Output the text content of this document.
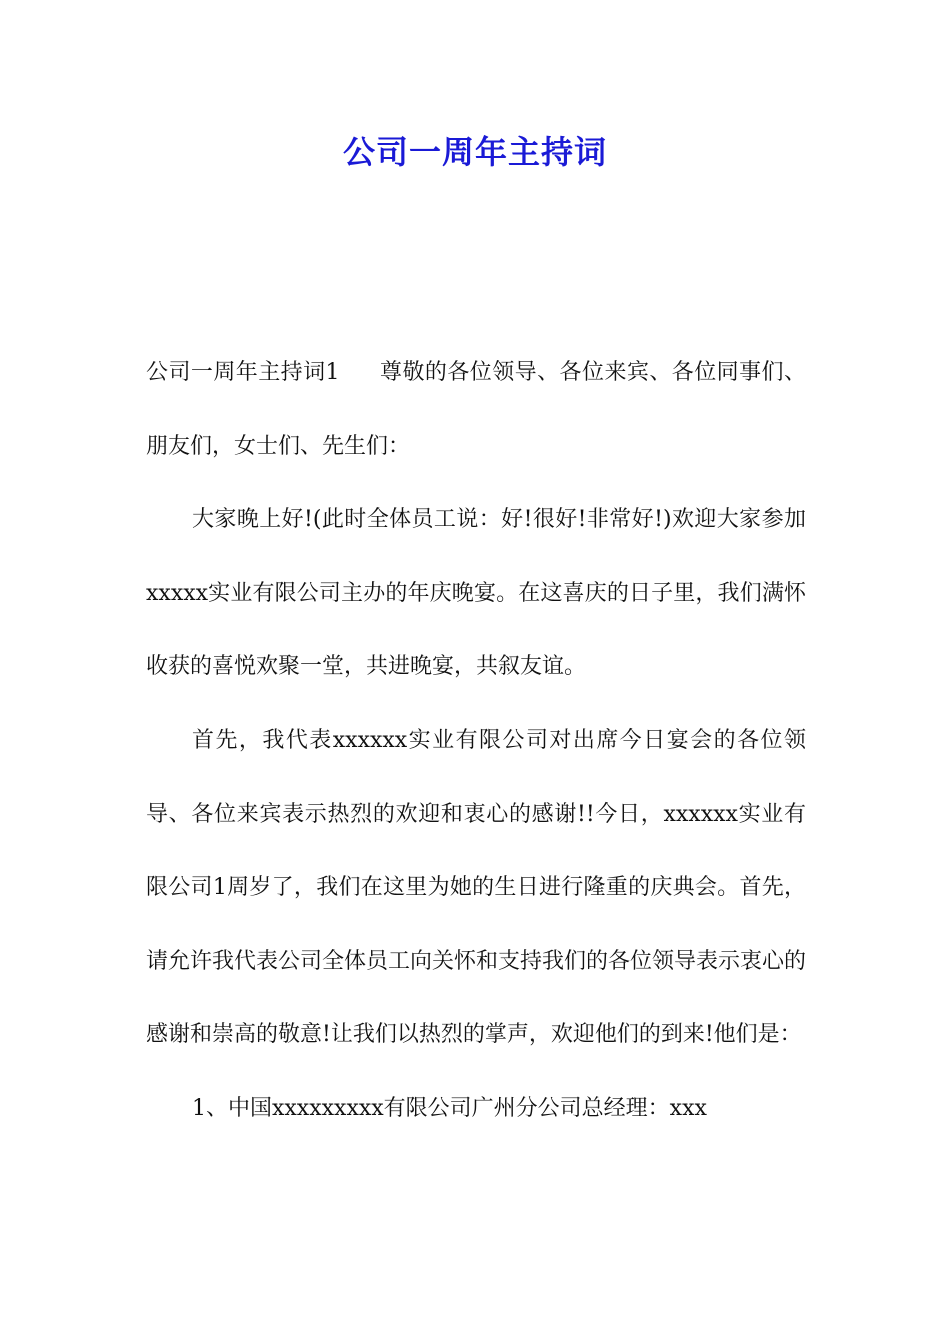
公司一周年主持词

公司一周年主持词1 尊敬的各位领导、各位来宾、各位同事们、朋友们，女士们、先生们：

大家晚上好!(此时全体员工说：好!很好!非常好!)欢迎大家参加xxxxx实业有限公司主办的年庆晚宴。在这喜庆的日子里，我们满怀收获的喜悦欢聚一堂，共进晚宴，共叙友谊。

首先，我代表xxxxxx实业有限公司对出席今日宴会的各位领导、各位来宾表示热烈的欢迎和衷心的感谢!!今日，xxxxxx实业有限公司1周岁了，我们在这里为她的生日进行隆重的庆典会。首先，请允许我代表公司全体员工向关怀和支持我们的各位领导表示衷心的感谢和崇高的敬意!让我们以热烈的掌声，欢迎他们的到来!他们是：

1、中国xxxxxxxxx有限公司广州分公司总经理：xxx
